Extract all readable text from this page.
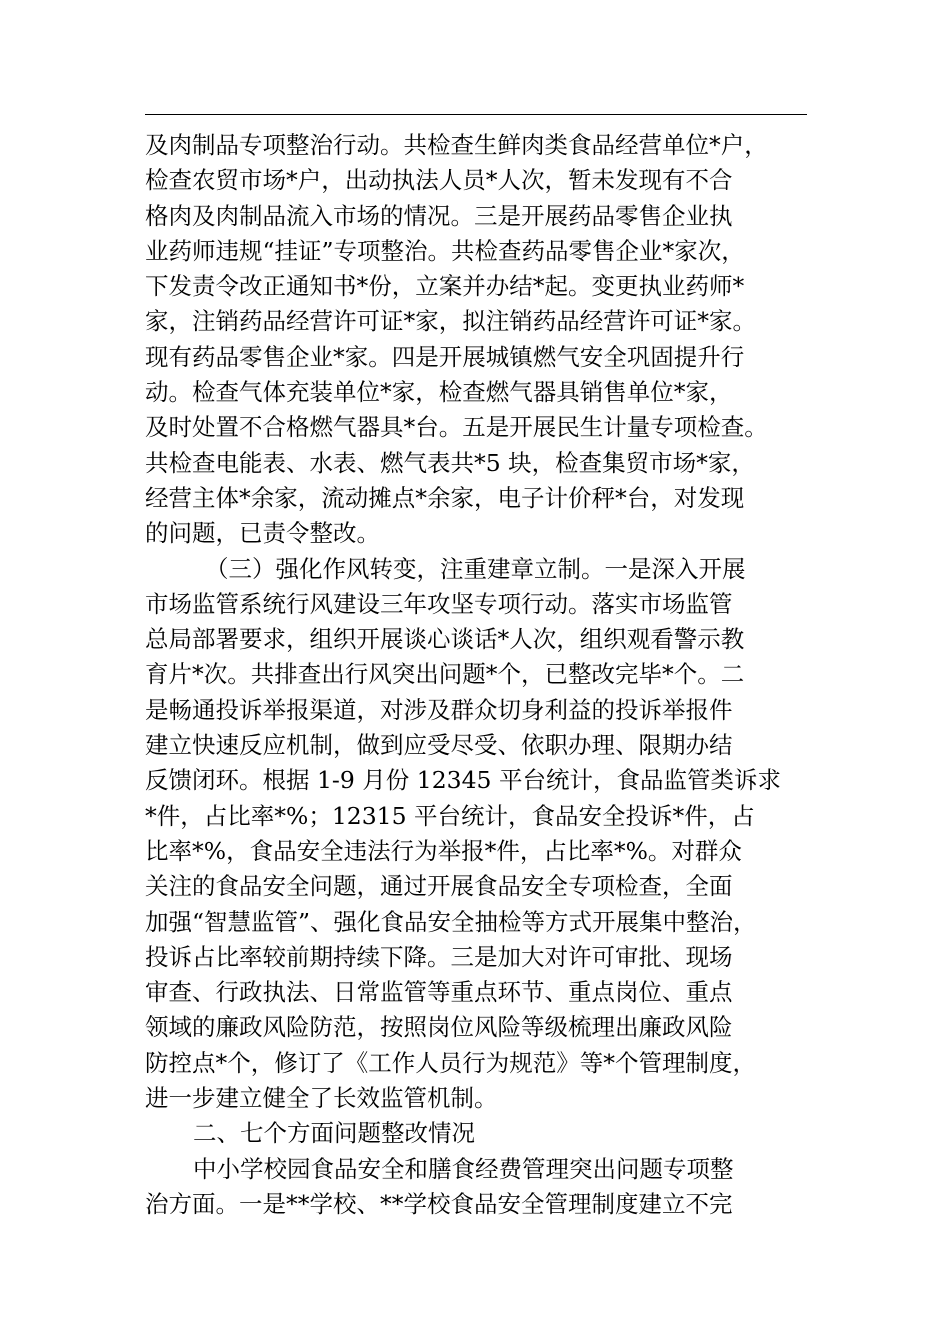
及肉制品专项整治行动。共检查生鲜肉类食品经营单位*户，
检查农贸市场*户，出动执法人员*人次，暂未发现有不合
格肉及肉制品流入市场的情况。三是开展药品零售企业执
业药师违规“挂证”专项整治。共检查药品零售企业*家次，
下发责令改正通知书*份，立案并办结*起。变更执业药师*
家，注销药品经营许可证*家，拟注销药品经营许可证*家。
现有药品零售企业*家。四是开展城镇燃气安全巩固提升行
动。检查气体充装单位*家，检查燃气器具销售单位*家，
及时处置不合格燃气器具*台。五是开展民生计量专项检查。
共检查电能表、水表、燃气表共*5 块，检查集贸市场*家，
经营主体*余家，流动摊点*余家，电子计价秤*台，对发现
的问题，已责令整改。
（三）强化作风转变，注重建章立制。一是深入开展
市场监管系统行风建设三年攻坚专项行动。落实市场监管
总局部署要求，组织开展谈心谈话*人次，组织观看警示教
育片*次。共排查出行风突出问题*个，已整改完毕*个。二
是畅通投诉举报渠道，对涉及群众切身利益的投诉举报件
建立快速反应机制，做到应受尽受、依职办理、限期办结
反馈闭环。根据 1-9 月份 12345 平台统计，食品监管类诉求
*件，占比率*%；12315 平台统计，食品安全投诉*件，占
比率*%，食品安全违法行为举报*件，占比率*%。对群众
关注的食品安全问题，通过开展食品安全专项检查，全面
加强“智慧监管”、强化食品安全抽检等方式开展集中整治，
投诉占比率较前期持续下降。三是加大对许可审批、现场
审查、行政执法、日常监管等重点环节、重点岗位、重点
领域的廉政风险防范，按照岗位风险等级梳理出廉政风险
防控点*个，修订了《工作人员行为规范》等*个管理制度，
进一步建立健全了长效监管机制。
二、七个方面问题整改情况
中小学校园食品安全和膳食经费管理突出问题专项整
治方面。一是**学校、**学校食品安全管理制度建立不完
